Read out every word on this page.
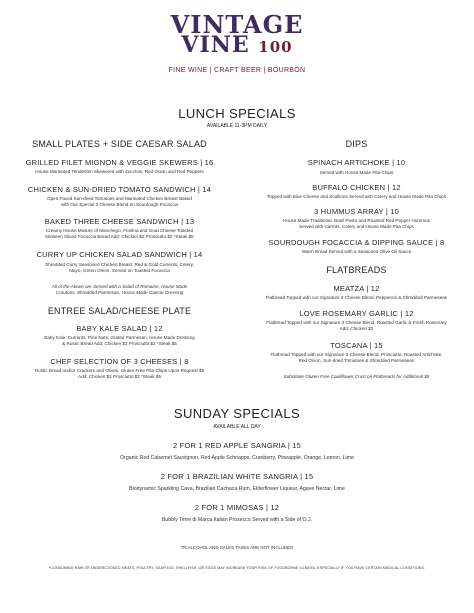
VINTAGE
VINE 100
FINE WINE | CRAFT BEER | BOURBON
LUNCH SPECIALS
AVAILABLE 11-3PM DAILY
SMALL PLATES + SIDE CAESAR SALAD
GRILLED FILET MIGNON & VEGGIE SKEWERS | 16
House Marinated Tenderloin Skewered with Zucchini, Red Onion and Red Peppers
CHICKEN & SUN-DRIED TOMATO SANDWICH | 14
Open Faced Sun-dried Tomatoes and Marinated Chicken Breast Baked
with Our Special 3 Cheese Blend on Sourdough Focaccia
BAKED THREE CHEESE SANDWICH | 13
Creamy House Mixture of Manchego, Fontina and Goat Cheese Toasted
between Sliced Focaccia Bread Add: Chicken $2 Prosciutto $2 *Steak $5
CURRY UP CHICKEN SALAD SANDWICH | 14
Shredded Curry Seasoned Chicken Breast, Red & Gold Currents, Celery,
Mayo, Green Onion, Served on Toasted Focaccia
All of the Above are Served with a Salad of Romaine, House Made
Croutons, Shredded Parmesan, House Made Caesar Dressing
ENTREE SALAD/CHEESE PLATE
BABY KALE SALAD | 12
Baby Kale, Currants, Pine Nuts, Grated Parmesan, House Made Dressing
& Rustic Bread Add: Chicken $2 Prosciutto $2 *Steak $5
CHEF SELECTION OF 3 CHEESES | 8
Rustic Bread and/or Crackers and Olives, Gluten Free Pita Chips Upon Request $5
Add: Chicken $2 Prosciutto $2 *Steak $5
DIPS
SPINACH ARTICHOKE | 10
Served with House Made Pita Chips
BUFFALO CHICKEN | 12
Topped with Blue Cheese and Scallions Served with Celery and House Made Pita Chips
3 HUMMUS ARRAY | 10
House Made Traditional, Basil Pesto and Roasted Red Pepper Hummus
Served with Carrots, Celery and House Made Pita Chips
SOURDOUGH FOCACCIA & DIPPING SAUCE | 8
Warm Bread Served with a Seasoned Olive Oil Sauce
FLATBREADS
MEATZA | 12
Flatbread Topped with our Signature 3 Cheese Blend, Pepperoni & Shredded Parmesean
LOVE ROSEMARY GARLIC | 12
Flatbread Topped with our Signature 3 Cheese Blend, Roasted Garlic & Fresh Rosemary
Add: Chicken $2
TOSCANA | 15
Flatbread Topped with our Signature 3 Cheese Blend, Prosciutto, Roasted Artichoke,
Red Onion, Sun-dried Tomatoes & Shredded Parmesean
Substitute Gluten Free Cauliflower Crust on Flatbreads for Additional $5
SUNDAY SPECIALS
AVAILABLE ALL DAY
2 FOR 1 RED APPLE SANGRIA | 15
Organic Red Cabernet Sauvignon, Red Apple Schnapps, Cranberry, Pineapple, Orange, Lemon, Lime
2 FOR 1 BRAZILIAN WHITE SANGRIA | 15
Biodynamic Sparkling Cava, Brazilian Cachaca Rum, Elderflower Liqueur, Agave Nectar, Lime
2 FOR 1 MIMOSAS | 12
Bubbly Terre di Marca Italian Prosecco Served with a Side of O.J.
TN ALCOHOL AND SALES TAXES ARE NOT INCLUDED
*CONSUMING RAW OR UNDERCOOKED MEATS, POULTRY, SEAFOOD, SHELLFISH, OR EGGS MAY INCREASE YOUR RISK OF FOODBORNE ILLNESS, ESPECIALLY IF YOU HAVE CERTAIN MEDICAL CONDITIONS.
